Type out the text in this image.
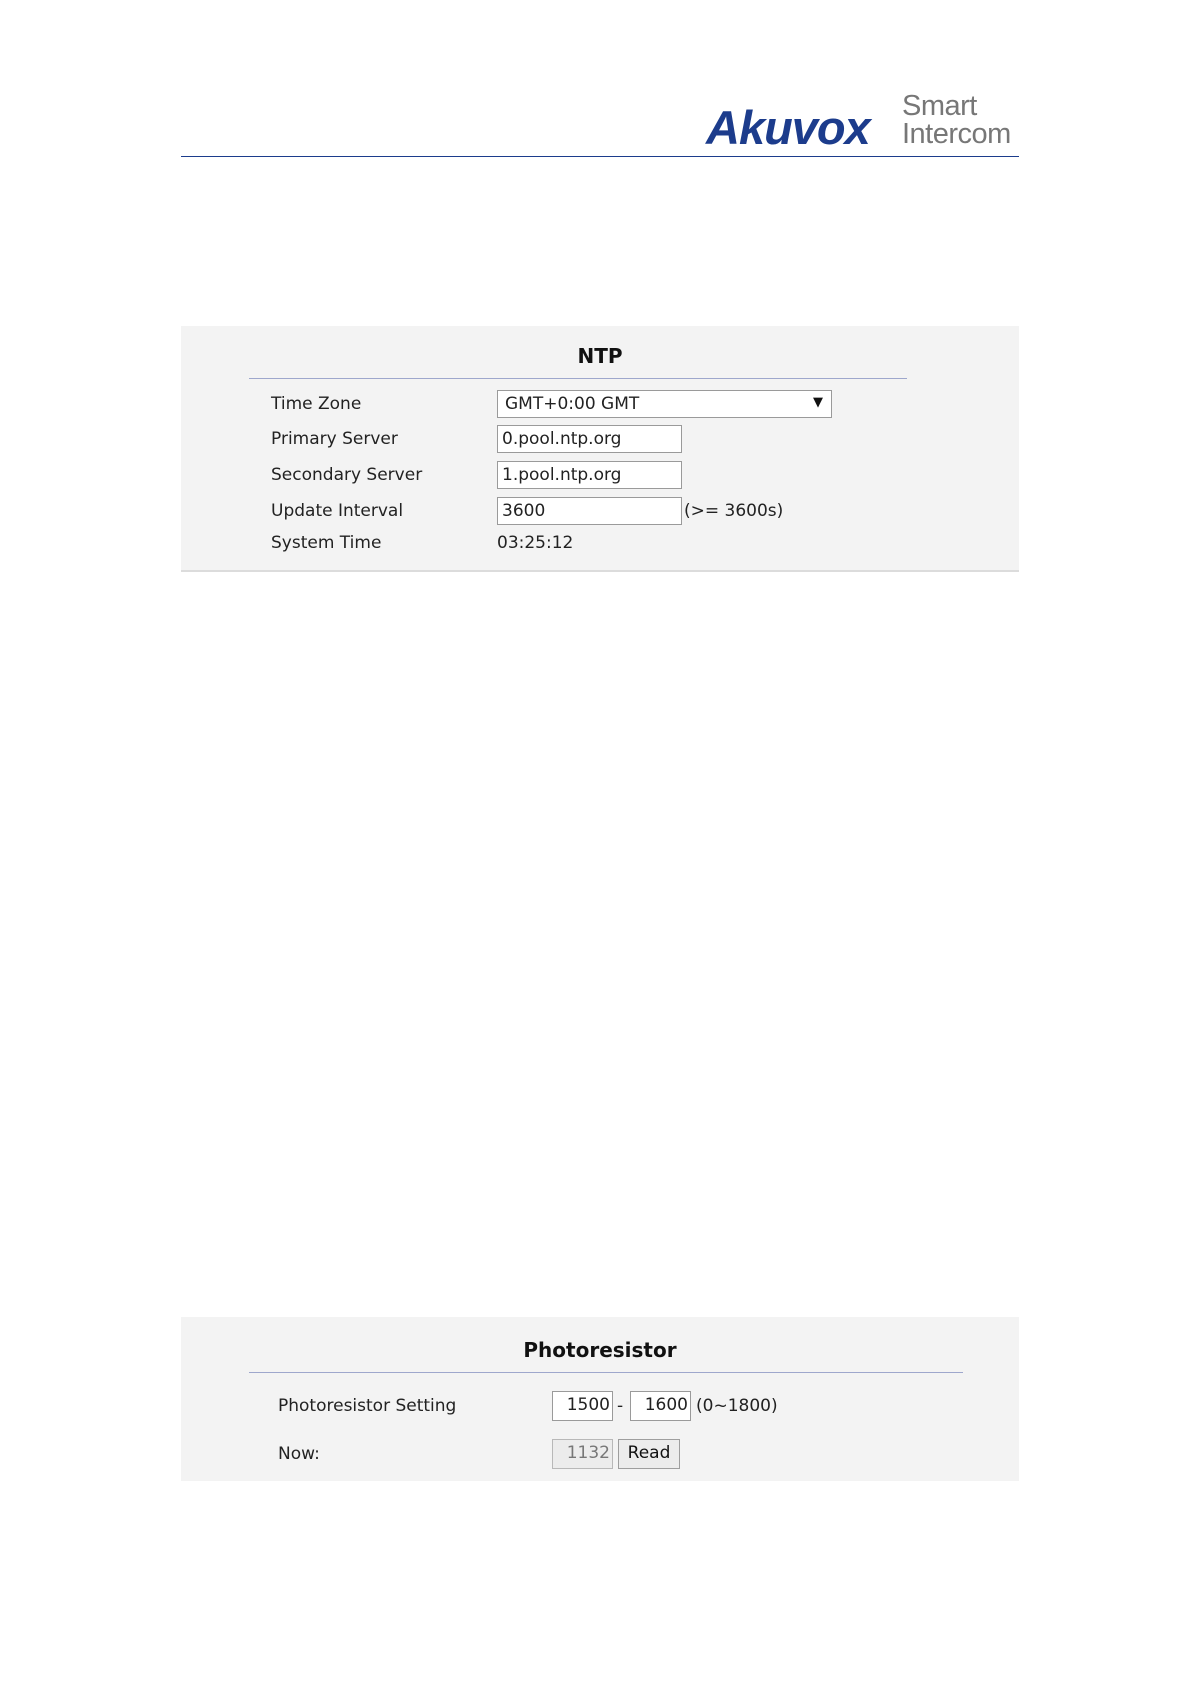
Akuvox Smart
Intercom
NTP
Time Zone	GMT+0:00 GMT	▼
Primary Server	0.pool.ntp.org
Secondary Server	1.pool.ntp.org
Update Interval	3600	(>= 3600s)
System Time	03:25:12
Photoresistor
Photoresistor Setting	1500 -	1600 (0~1800)
Now:	1132	Read
